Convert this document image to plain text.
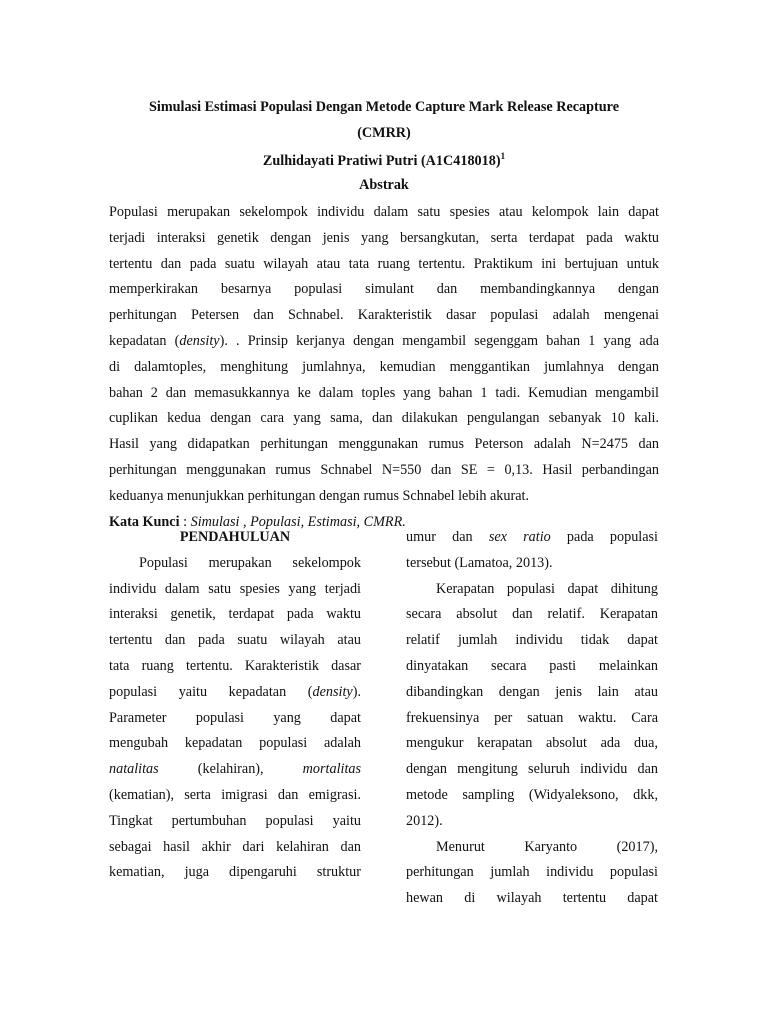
Simulasi Estimasi Populasi Dengan Metode Capture Mark Release Recapture
(CMRR)
Zulhidayati Pratiwi Putri $(A1C418018)^1$
Abstrak
Populasi merupakan sekelompok individu dalam satu spesies atau kelompok lain dapat
terjadi interaksi genetik dengan jenis yang bersangkutan, serta terdapat pada waktu
tertentu dan pada suatu wilayah atau tata ruang tertentu. Praktikum ini bertujuan untuk
memperkirakan besarnya populasi simulant dan membandingkannya dengan
perhitungan Petersen dan Schnabel. Karakteristik dasar populasi adalah mengenai
kepadatan (density). . Prinsip kerjanya dengan mengambil segenggam bahan 1 yang ada
di dalamtoples, menghitung jumlahnya, kemudian menggantikan jumlahnya dengan
bahan 2 dan memasukkannya ke dalam toples yang bahan 1 tadi. Kemudian mengambil
cuplikan kedua dengan cara yang sama, dan dilakukan pengulangan sebanyak 10 kali.
Hasil yang didapatkan perhitungan menggunakan rumus Peterson adalah N=2475 dan
perhitungan menggunakan rumus Schnabel N=550 dan SE = 0,13. Hasil perbandingan
keduanya menunjukkan perhitungan dengan rumus Schnabel lebih akurat.
Kata Kunci : Simulasi , Populasi, Estimasi, CMRR.
PENDAHULUAN
Populasi merupakan sekelompok
individu dalam satu spesies yang terjadi
interaksi genetik, terdapat pada waktu
tertentu dan pada suatu wilayah atau
tata ruang tertentu. Karakteristik dasar
populasi yaitu kepadatan (density).
Parameter populasi yang dapat
mengubah kepadatan populasi adalah
natalitas	(kelahiran),	mortalitas
(kematian), serta imigrasi dan emigrasi.
Tingkat pertumbuhan populasi yaitu
sebagai hasil akhir dari kelahiran dan
kematian, juga dipengaruhi struktur
umur dan sex ratio pada populasi
tersebut (Lamatoa, 2013).
Kerapatan populasi dapat dihitung
secara absolut dan relatif. Kerapatan
relatif jumlah individu tidak dapat
dinyatakan secara pasti melainkan
dibandingkan dengan jenis lain atau
frekuensinya per satuan waktu. Cara
mengukur kerapatan absolut ada dua,
dengan mengitung seluruh individu dan
metode sampling (Widyaleksono, dkk,
2012).
Menurut Karyanto (2017),
perhitungan jumlah individu populasi
hewan di wilayah tertentu dapat
